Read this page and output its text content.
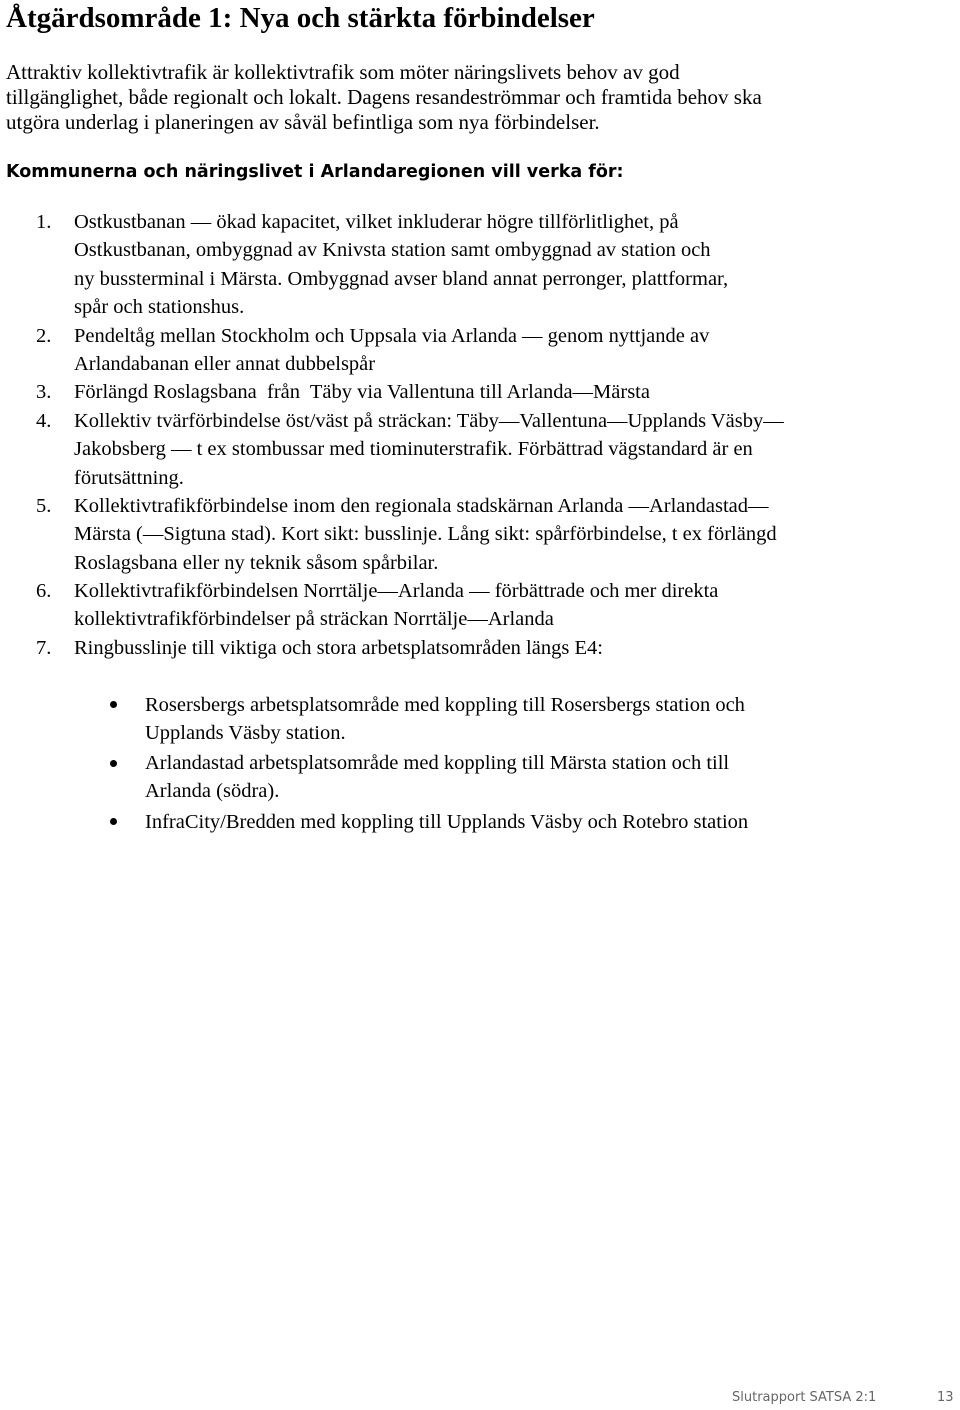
Åtgärdsområde 1: Nya och stärkta förbindelser
Attraktiv kollektivtrafik är kollektivtrafik som möter näringslivets behov av god
tillgänglighet, både regionalt och lokalt. Dagens resandeströmmar och framtida behov ska
utgöra underlag i planeringen av såväl befintliga som nya förbindelser.
Kommunerna och näringslivet i Arlandaregionen vill verka för:
1. Ostkustbanan — ökad kapacitet, vilket inkluderar högre tillförlitlighet, på
Ostkustbanan, ombyggnad av Knivsta station samt ombyggnad av station och
ny bussterminal i Märsta. Ombyggnad avser bland annat perronger, plattformar,
spår och stationshus.
2. Pendeltåg mellan Stockholm och Uppsala via Arlanda — genom nyttjande av
Arlandabanan eller annat dubbelspår
3. Förlängd Roslagsbana  från  Täby via Vallentuna till Arlanda—Märsta
4. Kollektiv tvärförbindelse öst/väst på sträckan: Täby—Vallentuna—Upplands Väsby—
Jakobsberg — t ex stombussar med tiominuterstrafik. Förbättrad vägstandard är en
förutsättning.
5. Kollektivtrafikförbindelse inom den regionala stadskärnan Arlanda —Arlandastad—
Märsta (—Sigtuna stad). Kort sikt: busslinje. Lång sikt: spårförbindelse, t ex förlängd
Roslagsbana eller ny teknik såsom spårbilar.
6. Kollektivtrafikförbindelsen Norrtälje—Arlanda — förbättrade och mer direkta
kollektivtrafikförbindelser på sträckan Norrtälje—Arlanda
7. Ringbusslinje till viktiga och stora arbetsplatsområden längs E4:
Rosersbergs arbetsplatsområde med koppling till Rosersbergs station och
Upplands Väsby station.
Arlandastad arbetsplatsområde med koppling till Märsta station och till
Arlanda (södra).
InfraCity/Bredden med koppling till Upplands Väsby och Rotebro station
Slutrapport SATSA 2:1	13
